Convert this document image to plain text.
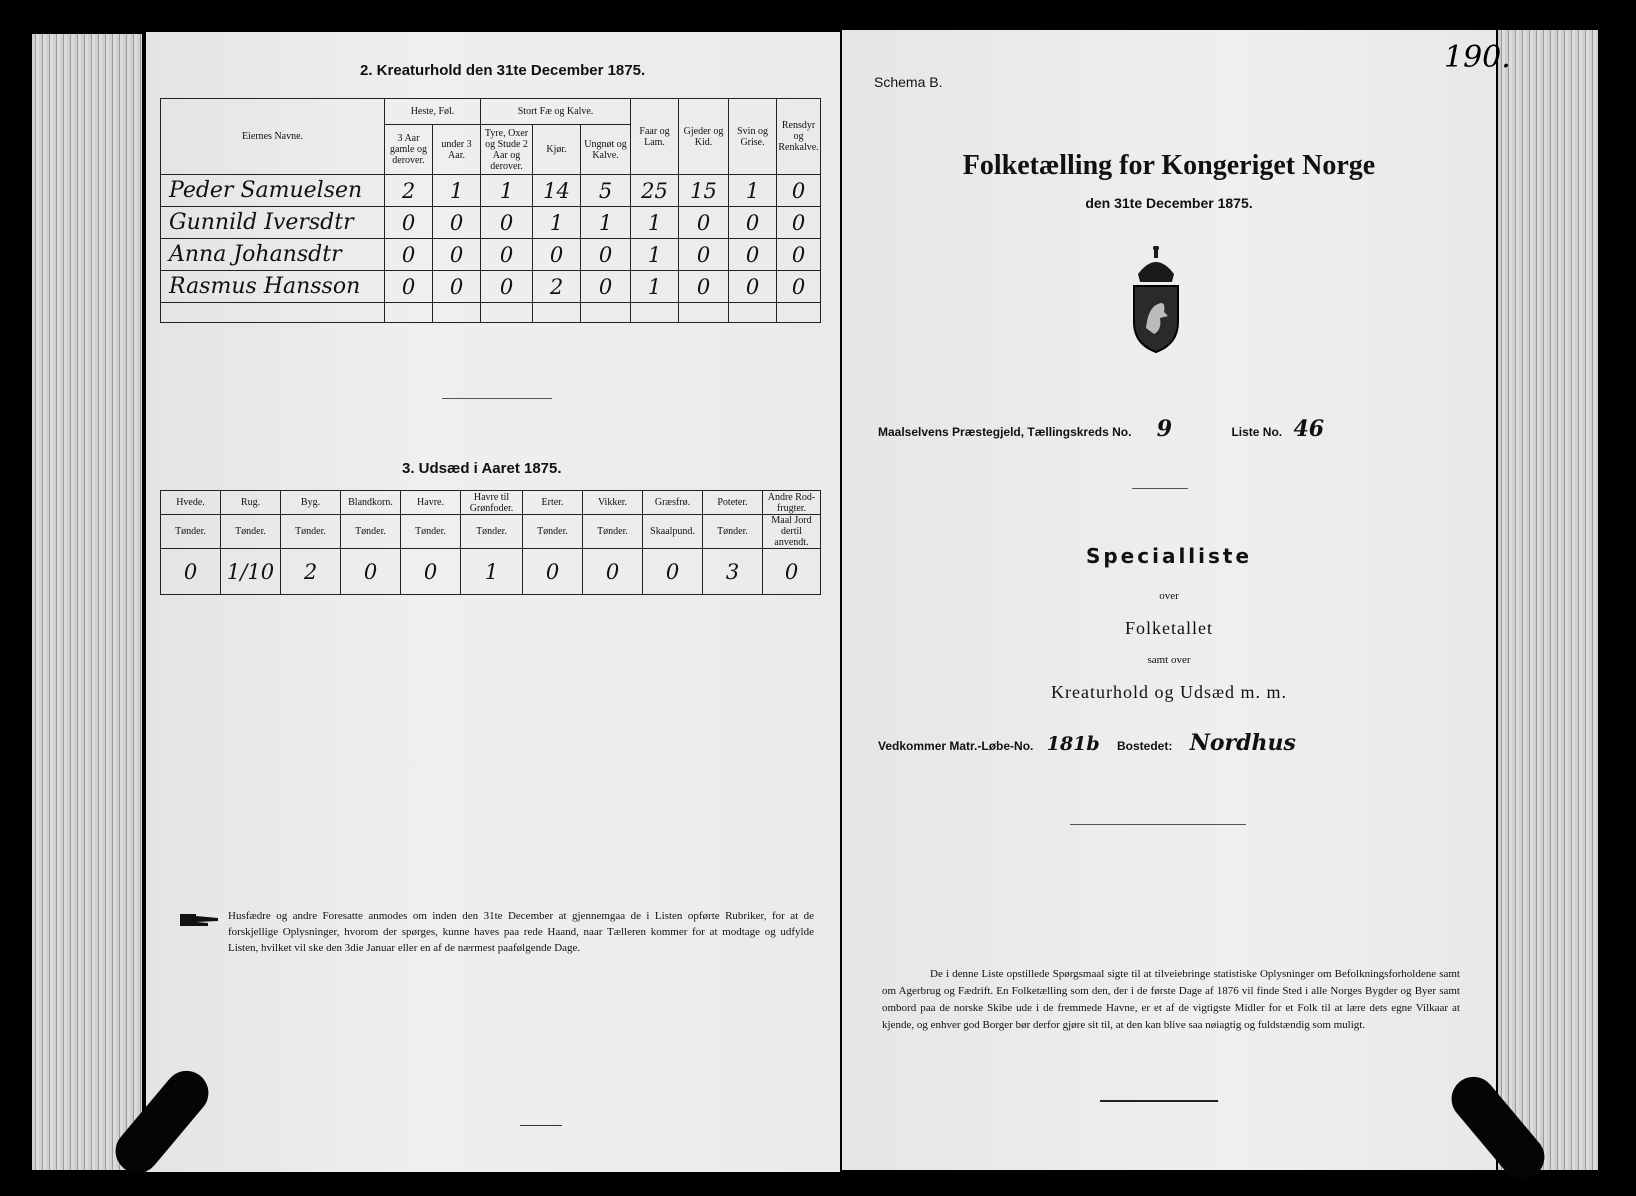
2. Kreaturhold den 31te December 1875.
Eiernes Navne.	Heste, Føl.		Stort Fæ og Kalve.			Faar og Lam.	Gjeder og Kid.	Svin og Grise.	Rensdyr og Renkalve.
	3 Aar gamle og derover.	under 3 Aar.	Tyre, Oxer og Stude 2 Aar og derover.	Kjør.	Ungnøt og Kalve.				
Peder Samuelsen	2	1	1	14	5	25	15	1	0
Gunnild Iversdtr	0	0	0	1	1	1	0	0	0
Anna Johansdtr	0	0	0	0	0	1	0	0	0
Rasmus Hansson	0	0	0	2	0	1	0	0	0

3. Udsæd i Aaret 1875.
Hvede.	Rug.	Byg.	Blandkorn.	Havre.	Havre til Grønfoder.	Erter.	Vikker.	Græsfrø.	Poteter.	Andre Rod-frugter.
Tønder.	Tønder.	Tønder.	Tønder.	Tønder.	Tønder.	Tønder.	Tønder.	Skaalpund.	Tønder.	Maal Jord dertil anvendt.
0	1/10	2	0	0	1	0	0	0	3	0
Husfædre og andre Foresatte anmodes om inden den 31te December at gjennemgaa de i Listen opførte Rubriker, for at de forskjellige Oplysninger, hvorom der spørges, kunne haves paa rede Haand, naar Tælleren kommer for at modtage og udfylde Listen, hvilket vil ske den 3die Januar eller en af de nærmest paafølgende Dage.
190.
Schema B.
Folketælling for Kongeriget Norge
den 31te December 1875.
Maalselvens Præstegjeld, Tællingskreds No. 9	Liste No. 46
Specialliste
over
Folketallet
samt over
Kreaturhold og Udsæd m. m.
Vedkommer Matr.-Løbe-No. 181b Bostedet: Nordhus
De i denne Liste opstillede Spørgsmaal sigte til at tilveiebringe statistiske Oplysninger om Befolkningsforholdene samt om Agerbrug og Fædrift. En Folketælling som den, der i de første Dage af 1876 vil finde Sted i alle Norges Bygder og Byer samt ombord paa de norske Skibe ude i de fremmede Havne, er et af de vigtigste Midler for et Folk til at lære dets egne Vilkaar at kjende, og enhver god Borger bør derfor gjøre sit til, at den kan blive saa nøiagtig og fuldstændig som muligt.
